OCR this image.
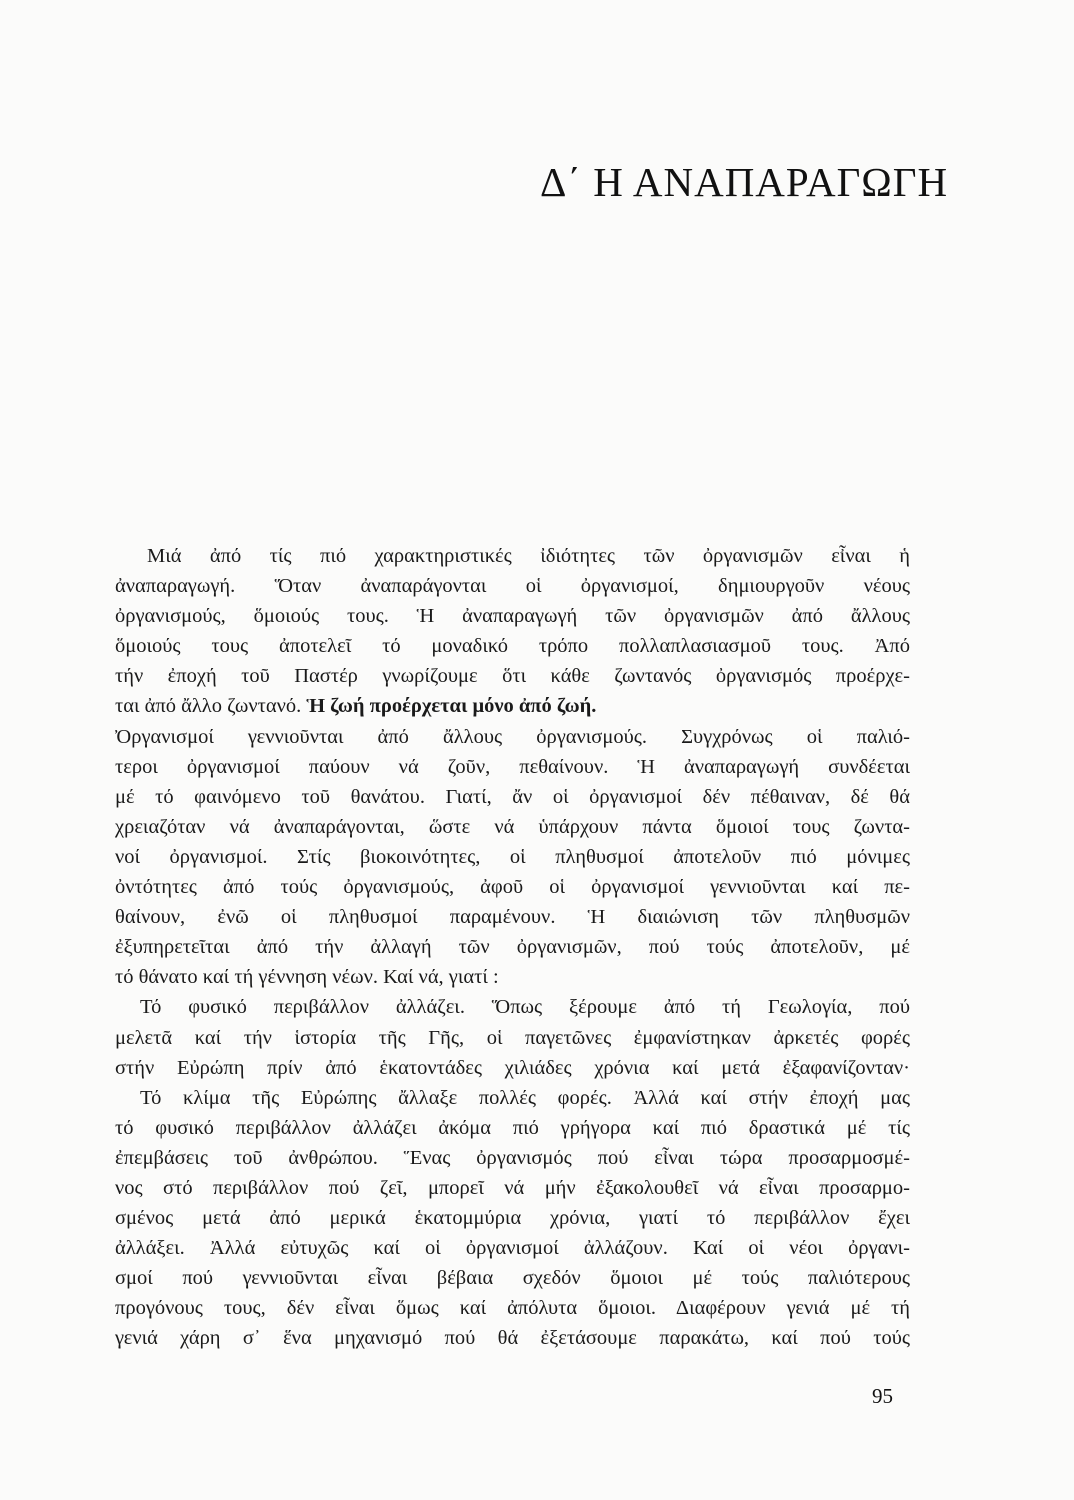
Δ΄ Η ΑΝΑΠΑΡΑΓΩΓΗ
Μιά ἀπό τίς πιό χαρακτηριστικές ἰδιότητες τῶν ὀργανισμῶν εἶναι ἡ
ἀναπαραγωγή. Ὅταν ἀναπαράγονται οἱ ὀργανισμοί, δημιουργοῦν νέους
ὀργανισμούς, ὅμοιούς τους. Ἡ ἀναπαραγωγή τῶν ὀργανισμῶν ἀπό ἄλλους
ὅμοιούς τους ἀποτελεῖ τό μοναδικό τρόπο πολλαπλασιασμοῦ τους. Ἀπό
τήν ἐποχή τοῦ Παστέρ γνωρίζουμε ὅτι κάθε ζωντανός ὀργανισμός προέρχε-
ται ἀπό ἄλλο ζωντανό. Ἡ ζωή προέρχεται μόνο ἀπό ζωή.
Ὀργανισμοί γεννιοῦνται ἀπό ἄλλους ὀργανισμούς. Συγχρόνως οἱ παλιό-
τεροι ὀργανισμοί παύουν νά ζοῦν, πεθαίνουν. Ἡ ἀναπαραγωγή συνδέεται
μέ τό φαινόμενο τοῦ θανάτου. Γιατί, ἄν οἱ ὀργανισμοί δέν πέθαιναν, δέ θά
χρειαζόταν νά ἀναπαράγονται, ὥστε νά ὑπάρχουν πάντα ὅμοιοί τους ζωντα-
νοί ὀργανισμοί. Στίς βιοκοινότητες, οἱ πληθυσμοί ἀποτελοῦν πιό μόνιμες
ὀντότητες ἀπό τούς ὀργανισμούς, ἀφοῦ οἱ ὀργανισμοί γεννιοῦνται καί πε-
θαίνουν, ἐνῶ οἱ πληθυσμοί παραμένουν. Ἡ διαιώνιση τῶν πληθυσμῶν
ἐξυπηρετεῖται ἀπό τήν ἀλλαγή τῶν ὀργανισμῶν, πού τούς ἀποτελοῦν, μέ
τό θάνατο καί τή γέννηση νέων. Καί νά, γιατί :
Τό φυσικό περιβάλλον ἀλλάζει. Ὅπως ξέρουμε ἀπό τή Γεωλογία, πού
μελετᾶ καί τήν ἱστορία τῆς Γῆς, οἱ παγετῶνες ἐμφανίστηκαν ἀρκετές φορές
στήν Εὐρώπη πρίν ἀπό ἑκατοντάδες χιλιάδες χρόνια καί μετά ἐξαφανίζονταν·
Τό κλίμα τῆς Εὐρώπης ἄλλαξε πολλές φορές. Ἀλλά καί στήν ἐποχή μας
τό φυσικό περιβάλλον ἀλλάζει ἀκόμα πιό γρήγορα καί πιό δραστικά μέ τίς
ἐπεμβάσεις τοῦ ἀνθρώπου. Ἕνας ὀργανισμός πού εἶναι τώρα προσαρμοσμέ-
νος στό περιβάλλον πού ζεῖ, μπορεῖ νά μήν ἐξακολουθεῖ νά εἶναι προσαρμο-
σμένος μετά ἀπό μερικά ἑκατομμύρια χρόνια, γιατί τό περιβάλλον ἔχει
ἀλλάξει. Ἀλλά εὐτυχῶς καί οἱ ὀργανισμοί ἀλλάζουν. Καί οἱ νέοι ὀργανι-
σμοί πού γεννιοῦνται εἶναι βέβαια σχεδόν ὅμοιοι μέ τούς παλιότερους
προγόνους τους, δέν εἶναι ὅμως καί ἀπόλυτα ὅμοιοι. Διαφέρουν γενιά μέ τή
γενιά χάρη σ᾽ ἕνα μηχανισμό πού θά ἐξετάσουμε παρακάτω, καί πού τούς
95
